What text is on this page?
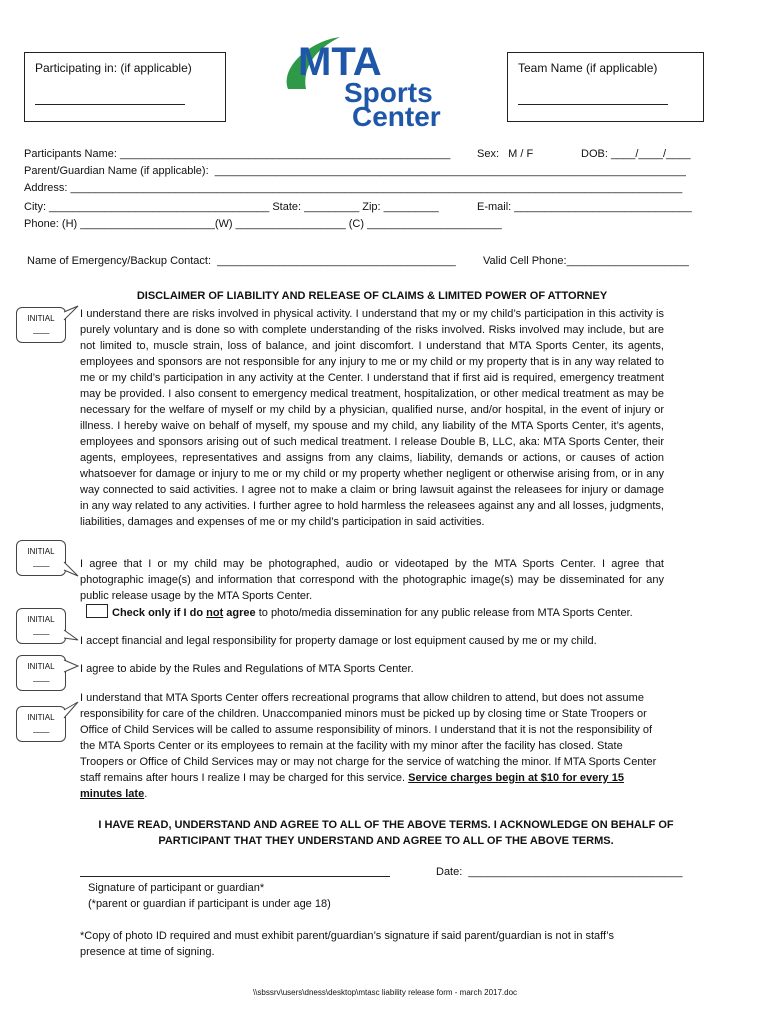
Participating in: (if applicable)	Team Name (if applicable)
MTA
Sports
Center
Participants Name: ______________________________________________________ Sex:   M / F	DOB: ____/____/____
Parent/Guardian Name (if applicable):  _____________________________________________________________________________
Address: ____________________________________________________________________________________________________
City: ____________________________________ State: _________ Zip: _________	E-mail: _____________________________
Phone: (H) ______________________(W) __________________ (C) ______________________
Name of Emergency/Backup Contact:  _______________________________________ Valid Cell Phone:____________________
DISCLAIMER OF LIABILITY AND RELEASE OF CLAIMS & LIMITED POWER OF ATTORNEY
INITIAL
____
INITIAL
____
INITIAL
____
INITIAL
____
INITIAL
____
I understand there are risks involved in physical activity. I understand that my or my child’s participation in this activity is purely voluntary and is done so with complete understanding of the risks involved. Risks involved may include, but are not limited to, muscle strain, loss of balance, and joint discomfort. I understand that MTA Sports Center, its agents, employees and sponsors are not responsible for any injury to me or my child or my property that is in any way related to me or my child’s participation in any activity at the Center. I understand that if first aid is required, emergency treatment may be provided. I also consent to emergency medical treatment, hospitalization, or other medical treatment as may be necessary for the welfare of myself or my child by a physician, qualified nurse, and/or hospital, in the event of injury or illness. I hereby waive on behalf of myself, my spouse and my child, any liability of the MTA Sports Center, it’s agents, employees and sponsors arising out of such medical treatment. I release Double B, LLC, aka: MTA Sports Center, their agents, employees, representatives and assigns from any claims, liability, demands or actions, or causes of action whatsoever for damage or injury to me or my child or my property whether negligent or otherwise arising from, or in any way connected to said activities. I agree not to make a claim or bring lawsuit against the releasees for injury or damage in any way related to any activities. I further agree to hold harmless the releasees against any and all losses, judgments, liabilities, damages and expenses of me or my child’s participation in said activities.
I agree that I or my child may be photographed, audio or videotaped by the MTA Sports Center. I agree that photographic image(s) and information that correspond with the photographic image(s) may be disseminated for any public release usage by the MTA Sports Center.
Check only if I do not agree to photo/media dissemination for any public release from MTA Sports Center.
I accept financial and legal responsibility for property damage or lost equipment caused by me or my child.
I agree to abide by the Rules and Regulations of MTA Sports Center.
I understand that MTA Sports Center offers recreational programs that allow children to attend, but does not assume responsibility for care of the children. Unaccompanied minors must be picked up by closing time or State Troopers or Office of Child Services will be called to assume responsibility of minors. I understand that it is not the responsibility of the MTA Sports Center or its employees to remain at the facility with my minor after the facility has closed. State Troopers or Office of Child Services may or may not charge for the service of watching the minor. If MTA Sports Center staff remains after hours I realize I may be charged for this service. Service charges begin at $10 for every 15 minutes late.
I HAVE READ, UNDERSTAND AND AGREE TO ALL OF THE ABOVE TERMS. I ACKNOWLEDGE ON BEHALF OF PARTICIPANT THAT THEY UNDERSTAND AND AGREE TO ALL OF THE ABOVE TERMS.
Date:  ___________________________________
Signature of participant or guardian*
(*parent or guardian if participant is under age 18)
*Copy of photo ID required and must exhibit parent/guardian’s signature if said parent/guardian is not in staff’s presence at time of signing.
\\sbssrv\users\dness\desktop\mtasc liability release form - march 2017.doc
